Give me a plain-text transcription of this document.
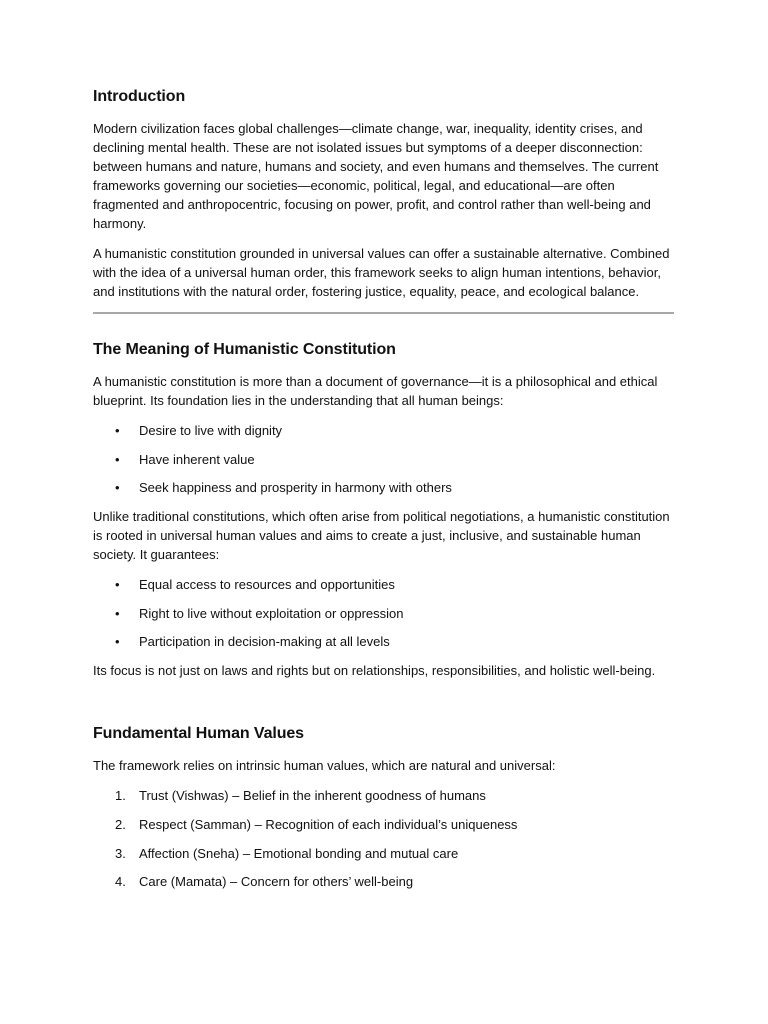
Introduction

Modern civilization faces global challenges—climate change, war, inequality, identity crises, and declining mental health. These are not isolated issues but symptoms of a deeper disconnection: between humans and nature, humans and society, and even humans and themselves. The current frameworks governing our societies—economic, political, legal, and educational—are often fragmented and anthropocentric, focusing on power, profit, and control rather than well-being and harmony.

A humanistic constitution grounded in universal values can offer a sustainable alternative. Combined with the idea of a universal human order, this framework seeks to align human intentions, behavior, and institutions with the natural order, fostering justice, equality, peace, and ecological balance.

The Meaning of Humanistic Constitution

A humanistic constitution is more than a document of governance—it is a philosophical and ethical blueprint. Its foundation lies in the understanding that all human beings:

• Desire to live with dignity
• Have inherent value
• Seek happiness and prosperity in harmony with others

Unlike traditional constitutions, which often arise from political negotiations, a humanistic constitution is rooted in universal human values and aims to create a just, inclusive, and sustainable human society. It guarantees:

• Equal access to resources and opportunities
• Right to live without exploitation or oppression
• Participation in decision-making at all levels

Its focus is not just on laws and rights but on relationships, responsibilities, and holistic well-being.

Fundamental Human Values

The framework relies on intrinsic human values, which are natural and universal:

1. Trust (Vishwas) – Belief in the inherent goodness of humans
2. Respect (Samman) – Recognition of each individual’s uniqueness
3. Affection (Sneha) – Emotional bonding and mutual care
4. Care (Mamata) – Concern for others’ well-being
